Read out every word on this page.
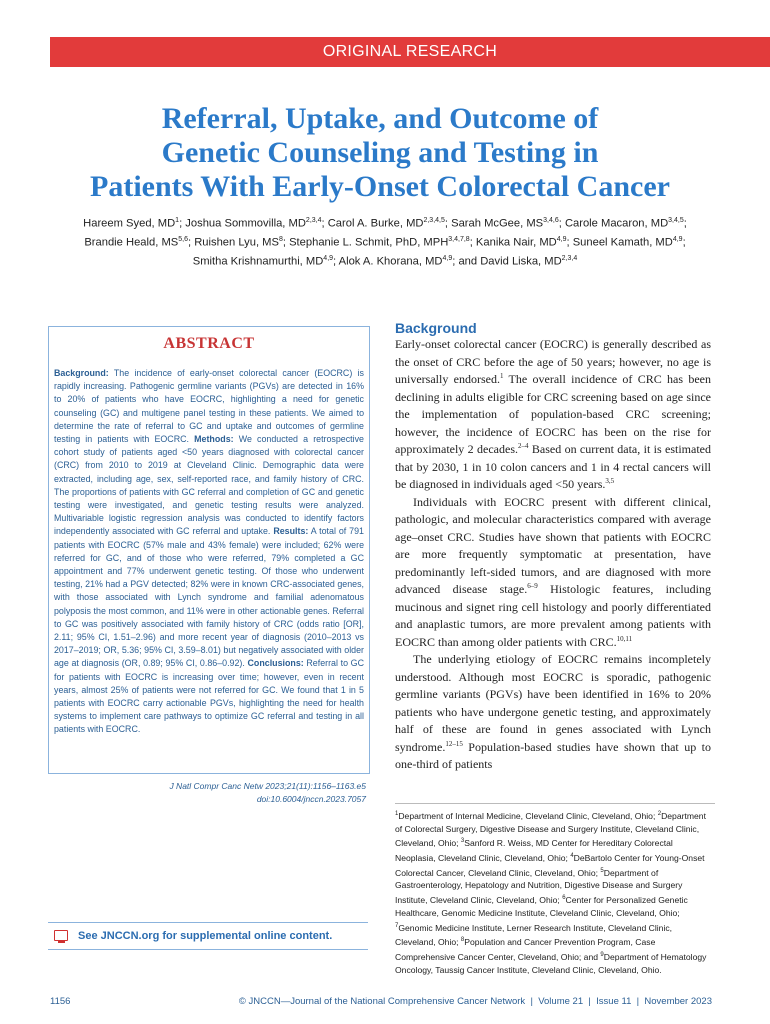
ORIGINAL RESEARCH
Referral, Uptake, and Outcome of
Genetic Counseling and Testing in
Patients With Early-Onset Colorectal Cancer
Hareem Syed, $MD^1$; Joshua Sommovilla, MD$^{2,3,4}$; Carol A. Burke, MD$^{2,3,4,5}$; Sarah McGee, MS$^{3,4,6}$; Carole Macaron, MD$^{3,4,5}$;
Brandie Heald, MS$^{5,6}$; Ruishen Lyu, $MS^8$; Stephanie L. Schmit, PhD, MPH$^{3,4,7,8}$; Kanika Nair, MD$^{4,9}$; Suneel Kamath, MD$^{4,9}$;
Smitha Krishnamurthi, MD$^{4,9}$; Alok A. Khorana, MD$^{4,9}$; and David Liska, MD$^{2,3,4}$
ABSTRACT
Background: The incidence of early-onset colorectal cancer (EOCRC) is rapidly increasing. Pathogenic germline variants (PGVs) are detected in 16% to 20% of patients who have EOCRC, highlighting a need for genetic counseling (GC) and multigene panel testing in these patients. We aimed to determine the rate of referral to GC and uptake and outcomes of germline testing in patients with EOCRC. Methods: We conducted a retrospective cohort study of patients aged <50 years diagnosed with colorectal cancer (CRC) from 2010 to 2019 at Cleveland Clinic. Demographic data were extracted, including age, sex, self-reported race, and family history of CRC. The proportions of patients with GC referral and completion of GC and genetic testing were investigated, and genetic testing results were analyzed. Multivariable logistic regression analysis was conducted to identify factors independently associated with GC referral and uptake. Results: A total of 791 patients with EOCRC (57% male and 43% female) were included; 62% were referred for GC, and of those who were referred, 79% completed a GC appointment and 77% underwent genetic testing. Of those who underwent testing, 21% had a PGV detected; 82% were in known CRC-associated genes, with those associated with Lynch syndrome and familial adenomatous polyposis the most common, and 11% were in other actionable genes. Referral to GC was positively associated with family history of CRC (odds ratio [OR], 2.11; 95% CI, 1.51–2.96) and more recent year of diagnosis (2010–2013 vs 2017–2019; OR, 5.36; 95% CI, 3.59–8.01) but negatively associated with older age at diagnosis (OR, 0.89; 95% CI, 0.86–0.92). Conclusions: Referral to GC for patients with EOCRC is increasing over time; however, even in recent years, almost 25% of patients were not referred for GC. We found that 1 in 5 patients with EOCRC carry actionable PGVs, highlighting the need for health systems to implement care pathways to optimize GC referral and testing in all patients with EOCRC.
J Natl Compr Canc Netw 2023;21(11):1156–1163.e5
doi:10.6004/jnccn.2023.7057
See JNCCN.org for supplemental online content.
Background

Early-onset colorectal cancer (EOCRC) is generally described as the onset of CRC before the age of 50 years; however, no age is universally endorsed.$^1$ The overall incidence of CRC has been declining in adults eligible for CRC screening based on age since the implementation of population-based CRC screening; however, the incidence of EOCRC has been on the rise for approximately 2 decades.$^{2-4}$ Based on current data, it is estimated that by 2030, 1 in 10 colon cancers and 1 in 4 rectal cancers will be diagnosed in individuals aged <50 years.$^{3,5}$

Individuals with EOCRC present with different clinical, pathologic, and molecular characteristics compared with average age–onset CRC. Studies have shown that patients with EOCRC are more frequently symptomatic at presentation, have predominantly left-sided tumors, and are diagnosed with more advanced disease stage.$^{6-9}$ Histologic features, including mucinous and signet ring cell histology and poorly differentiated and anaplastic tumors, are more prevalent among patients with EOCRC than among older patients with CRC.$^{10,11}$

The underlying etiology of EOCRC remains incompletely understood. Although most EOCRC is sporadic, pathogenic germline variants (PGVs) have been identified in 16% to 20% patients who have undergone genetic testing, and approximately half of these are found in genes associated with Lynch syndrome.$^{12-15}$ Population-based studies have shown that up to one-third of patients

$^1$Department of Internal Medicine, Cleveland Clinic, Cleveland, Ohio; $^2$Department of Colorectal Surgery, Digestive Disease and Surgery Institute, Cleveland Clinic, Cleveland, Ohio; $^3$Sanford R. Weiss, MD Center for Hereditary Colorectal Neoplasia, Cleveland Clinic, Cleveland, Ohio; $^4$DeBartolo Center for Young-Onset Colorectal Cancer, Cleveland Clinic, Cleveland, Ohio; $^5$Department of Gastroenterology, Hepatology and Nutrition, Digestive Disease and Surgery Institute, Cleveland Clinic, Cleveland, Ohio; $^6$Center for Personalized Genetic Healthcare, Genomic Medicine Institute, Cleveland Clinic, Cleveland, Ohio; $^7$Genomic Medicine Institute, Lerner Research Institute, Cleveland Clinic, Cleveland, Ohio; $^8$Population and Cancer Prevention Program, Case Comprehensive Cancer Center, Cleveland, Ohio; and $^9$Department of Hematology Oncology, Taussig Cancer Institute, Cleveland Clinic, Cleveland, Ohio.
1156	© JNCCN—Journal of the National Comprehensive Cancer Network | Volume 21 | Issue 11 | November 2023
